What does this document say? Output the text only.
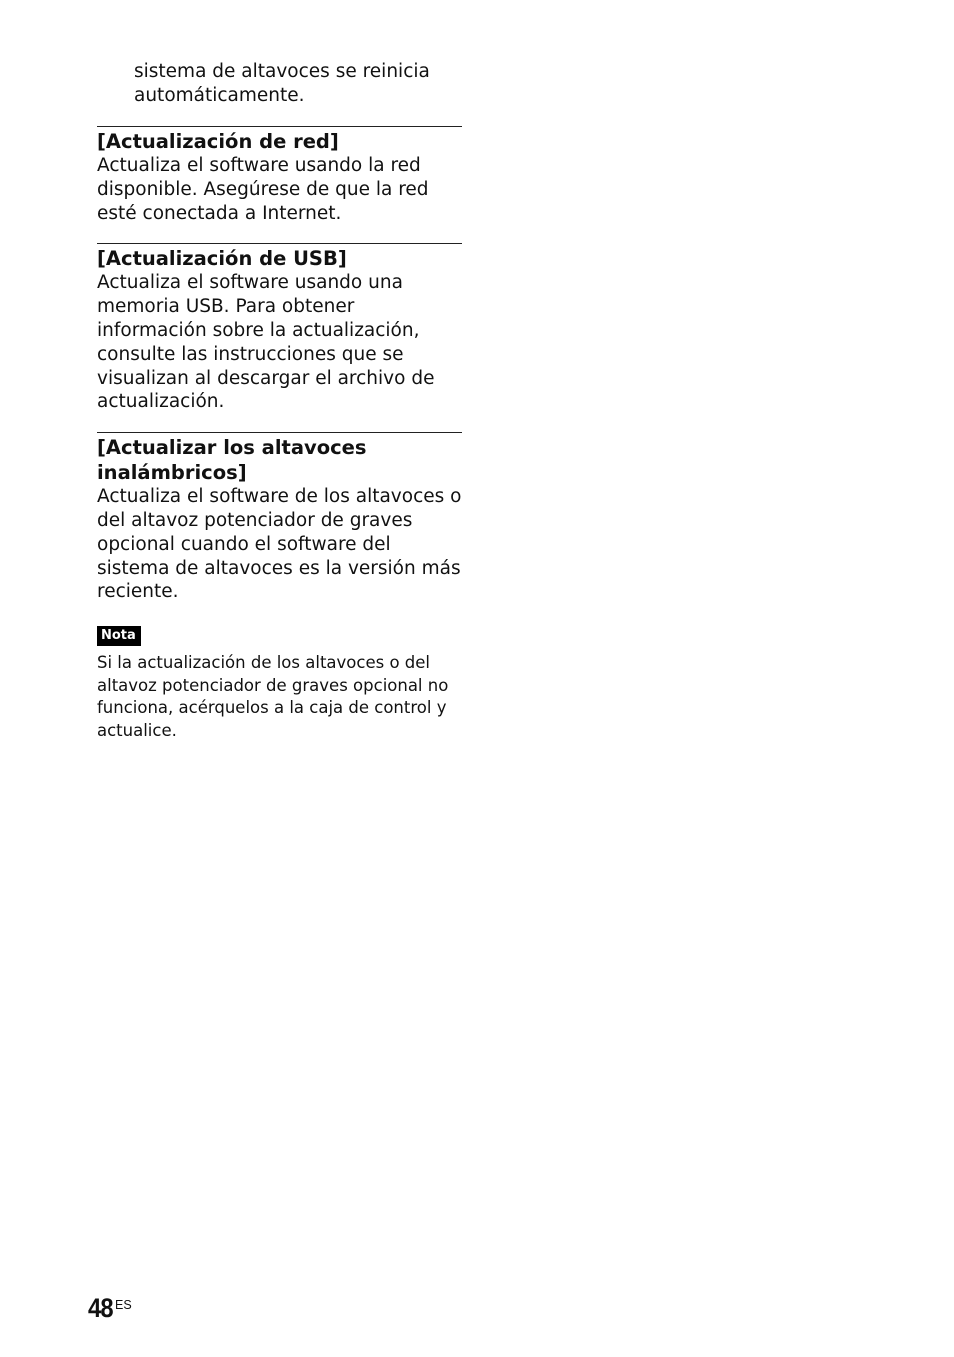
sistema de altavoces se reinicia automáticamente.

[Actualización de red]

Actualiza el software usando la red disponible. Asegúrese de que la red esté conectada a Internet.

[Actualización de USB]

Actualiza el software usando una memoria USB. Para obtener información sobre la actualización, consulte las instrucciones que se visualizan al descargar el archivo de actualización.

[Actualizar los altavoces inalámbricos]

Actualiza el software de los altavoces o del altavoz potenciador de graves opcional cuando el software del sistema de altavoces es la versión más reciente.

Nota

Si la actualización de los altavoces o del altavoz potenciador de graves opcional no funciona, acérquelos a la caja de control y actualice.

48 ES
